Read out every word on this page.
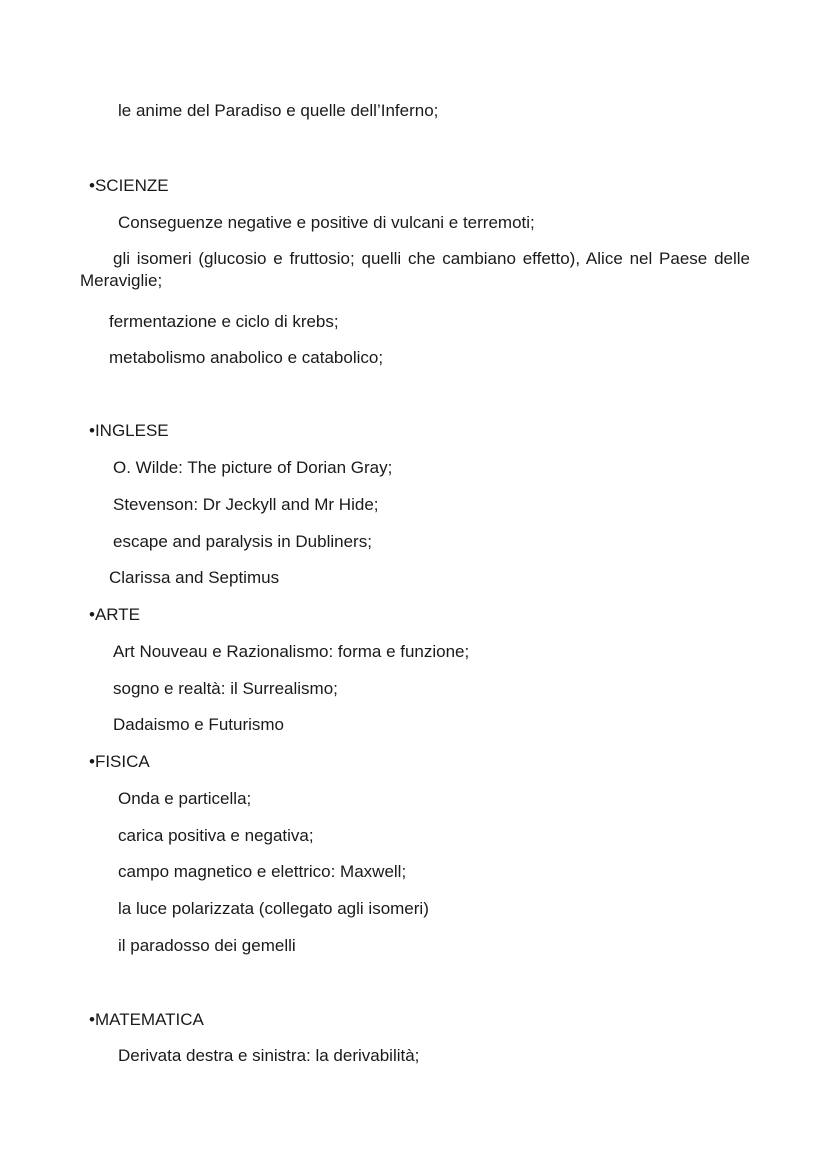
le anime del Paradiso e quelle dell’Inferno;
•SCIENZE
Conseguenze negative e positive di vulcani e terremoti;
gli isomeri (glucosio e fruttosio; quelli che cambiano effetto), Alice nel Paese delle Meraviglie;
fermentazione e ciclo di krebs;
metabolismo anabolico e catabolico;
•INGLESE
O. Wilde: The picture of Dorian Gray;
Stevenson: Dr Jeckyll and Mr Hide;
escape and paralysis in Dubliners;
Clarissa and Septimus
•ARTE
Art Nouveau e Razionalismo: forma e funzione;
sogno e realtà: il Surrealismo;
Dadaismo e Futurismo
•FISICA
Onda e particella;
carica positiva e negativa;
campo magnetico e elettrico: Maxwell;
la luce polarizzata (collegato agli isomeri)
il paradosso dei gemelli
•MATEMATICA
Derivata destra e sinistra: la derivabilità;
